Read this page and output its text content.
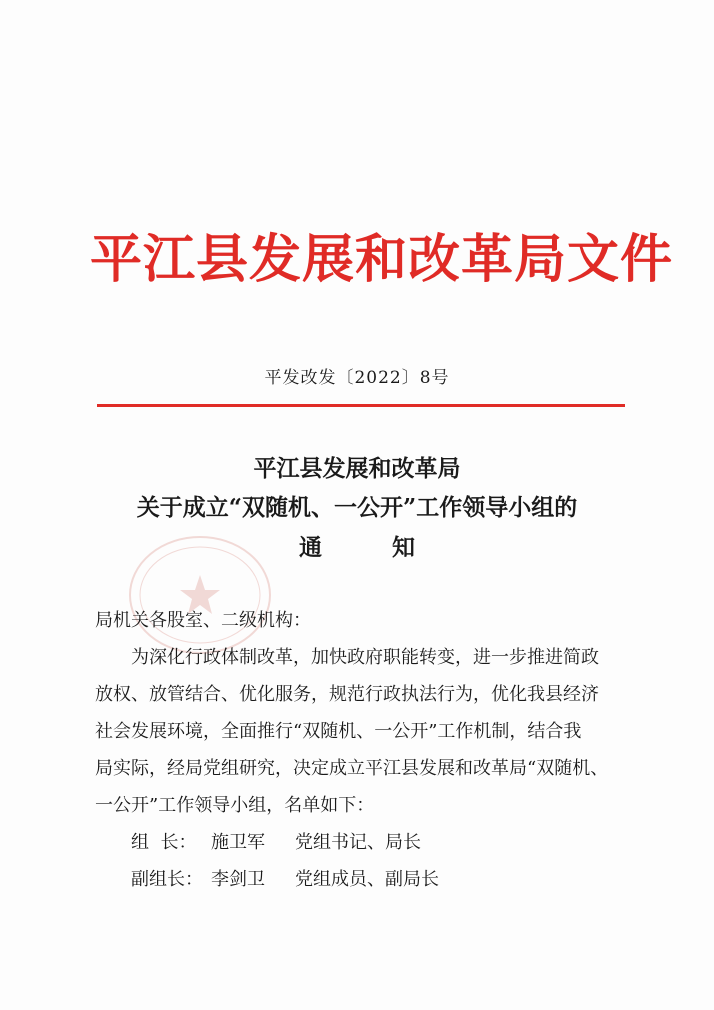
平江县发展和改革局文件
平发改发〔2022〕8号
平江县发展和改革局
关于成立“双随机、一公开”工作领导小组的
通	知
局机关各股室、二级机构：
为深化行政体制改革，加快政府职能转变，进一步推进简政
放权、放管结合、优化服务，规范行政执法行为，优化我县经济
社会发展环境，全面推行“双随机、一公开”工作机制，结合我
局实际，经局党组研究，决定成立平江县发展和改革局“双随机、
一公开”工作领导小组，名单如下：
组  长： 施卫军 党组书记、局长
副组长： 李剑卫 党组成员、副局长
